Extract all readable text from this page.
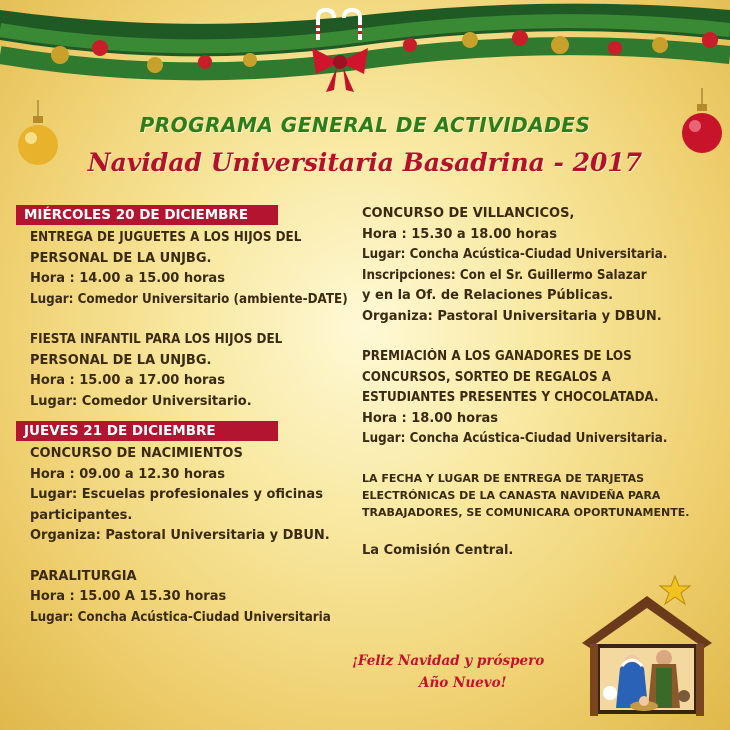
PROGRAMA GENERAL DE ACTIVIDADES
Navidad Universitaria Basadrina - 2017
MIÉRCOLES 20 DE DICIEMBRE
ENTREGA DE JUGUETES A LOS HIJOS DEL
PERSONAL DE LA UNJBG.
Hora : 14.00 a 15.00 horas
Lugar: Comedor Universitario (ambiente-DATE)
FIESTA INFANTIL PARA LOS HIJOS DEL
PERSONAL DE LA UNJBG.
Hora : 15.00 a 17.00 horas
Lugar: Comedor Universitario.
JUEVES 21 DE DICIEMBRE
CONCURSO DE NACIMIENTOS
Hora : 09.00 a 12.30 horas
Lugar: Escuelas profesionales y oficinas
participantes.
Organiza: Pastoral Universitaria y DBUN.
PARALITURGIA
Hora : 15.00 A 15.30 horas
Lugar: Concha Acústica-Ciudad Universitaria
CONCURSO DE VILLANCICOS,
Hora : 15.30 a 18.00 horas
Lugar: Concha Acústica-Ciudad Universitaria.
Inscripciones: Con el Sr. Guillermo Salazar
y en la Of. de Relaciones Públicas.
Organiza: Pastoral Universitaria y DBUN.
PREMIACIÓN A LOS GANADORES DE LOS
CONCURSOS, SORTEO DE REGALOS A
ESTUDIANTES PRESENTES Y CHOCOLATADA.
Hora : 18.00 horas
Lugar: Concha Acústica-Ciudad Universitaria.
LA FECHA Y LUGAR DE ENTREGA DE TARJETAS
ELECTRÓNICAS DE LA CANASTA NAVIDEÑA PARA
TRABAJADORES, SE COMUNICARA OPORTUNAMENTE.
La Comisión Central.
¡Feliz Navidad y próspero
Año Nuevo!
